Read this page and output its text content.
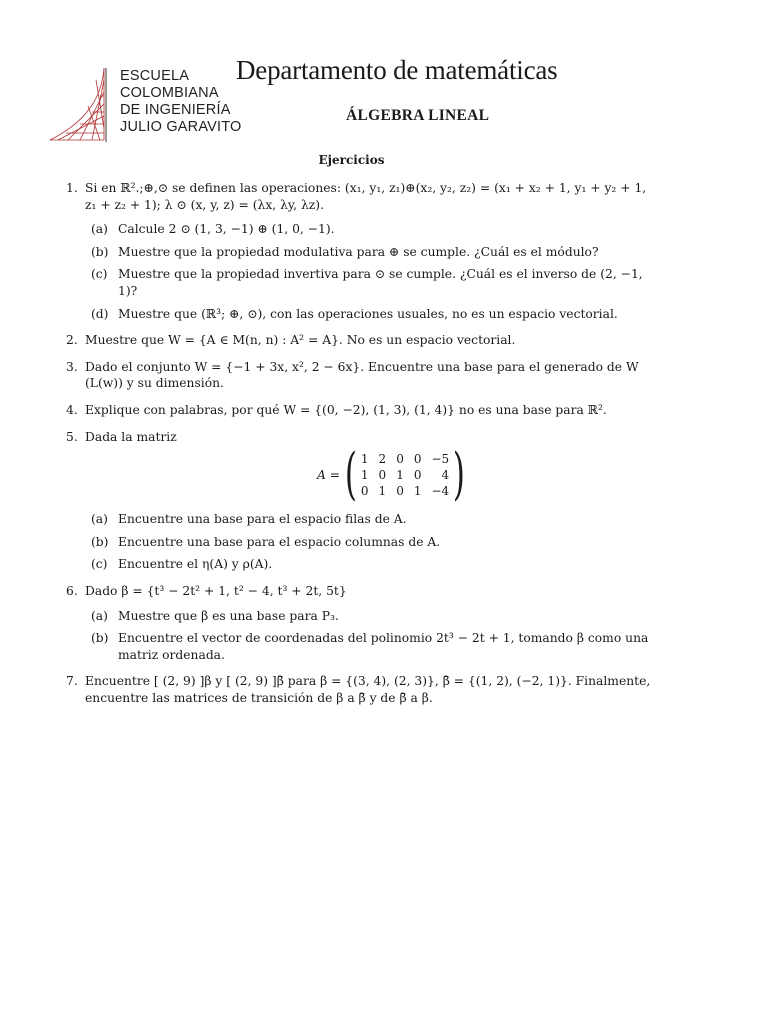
ESCUELA
COLOMBIANA
DE INGENIERÍA
JULIO GARAVITO
Departamento de matemáticas
ÁLGEBRA LINEAL
Ejercicios
1. Si en ℝ².;⊕,⊙ se definen las operaciones: (x₁, y₁, z₁)⊕(x₂, y₂, z₂) = (x₁ + x₂ + 1, y₁ + y₂ + 1, z₁ + z₂ + 1); λ ⊙ (x, y, z) = (λx, λy, λz).

(a) Calcule 2 ⊙ (1, 3, −1) ⊕ (1, 0, −1).
(b) Muestre que la propiedad modulativa para ⊕ se cumple. ¿Cuál es el módulo?
(c) Muestre que la propiedad invertiva para ⊙ se cumple. ¿Cuál es el inverso de (2, −1, 1)?
(d) Muestre que (ℝ³; ⊕, ⊙), con las operaciones usuales, no es un espacio vectorial.
2. Muestre que W = {A ∈ M(n, n) : A² = A}. No es un espacio vectorial.

3. Dado el conjunto W = {−1 + 3x, x², 2 − 6x}. Encuentre una base para el generado de W (L(w)) y su dimensión.

4. Explique con palabras, por qué W = {(0, −2), (1, 3), (1, 4)} no es una base para ℝ².

5. Dada la matriz

A = ( 1	2	0	0	−5
1	0	1	0	4
0	1	0	1	−4 )
(a) Encuentre una base para el espacio filas de A.
(b) Encuentre una base para el espacio columnas de A.
(c) Encuentre el η(A) y ρ(A).
6. Dado β = {t³ − 2t² + 1, t² − 4, t³ + 2t, 5t}

(a) Muestre que β es una base para P₃.
(b) Encuentre el vector de coordenadas del polinomio 2t³ − 2t + 1, tomando β como una matriz ordenada.
7. Encuentre [ (2, 9) ]β y [ (2, 9) ]β̄ para β = {(3, 4), (2, 3)}, β̄ = {(1, 2), (−2, 1)}. Finalmente, encuentre las matrices de transición de β a β̄ y de β̄ a β.
